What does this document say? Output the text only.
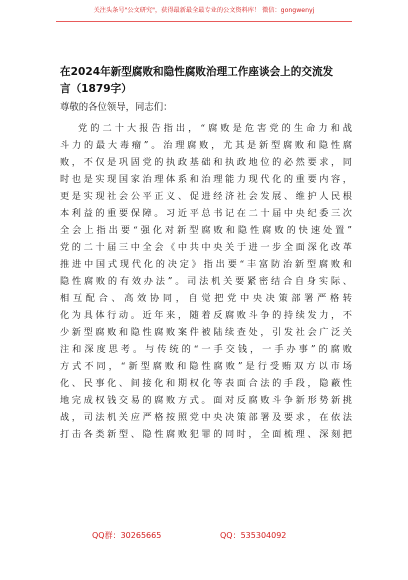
关注头条号"公文研究"，获得最新最全最专业的公文资料库！ 微信：gongwenyj
在2024年新型腐败和隐性腐败治理工作座谈会上的交流发
言（1879字）
尊敬的各位领导，同志们：
党的二十大报告指出，“腐败是危害党的生命力和战
斗力的最大毒瘤”。治理腐败，尤其是新型腐败和隐性腐
败，不仅是巩固党的执政基础和执政地位的必然要求，同
时也是实现国家治理体系和治理能力现代化的重要内容，
更是实现社会公平正义、促进经济社会发展、维护人民根
本利益的重要保障。习近平总书记在二十届中央纪委三次
全会上指出要“强化对新型腐败和隐性腐败的快速处置”
党的二十届三中全会《中共中央关于进一步全面深化改革
推进中国式现代化的决定》指出要“丰富防治新型腐败和
隐性腐败的有效办法”。司法机关要紧密结合自身实际、
相互配合、高效协同，自觉把党中央决策部署严格转
化为具体行动。近年来，随着反腐败斗争的持续发力，不
少新型腐败和隐性腐败案件被陆续查处，引发社会广泛关
注和深度思考。与传统的“一手交钱，一手办事”的腐败
方式不同，“新型腐败和隐性腐败”是行受贿双方以市场
化、民事化、间接化和期权化等表面合法的手段，隐蔽性
地完成权钱交易的腐败方式。面对反腐败斗争新形势新挑
战，司法机关应严格按照党中央决策部署及要求，在依法
打击各类新型、隐性腐败犯罪的同时，全面梳理、深刻把
QQ群：30265665	QQ：535304092
